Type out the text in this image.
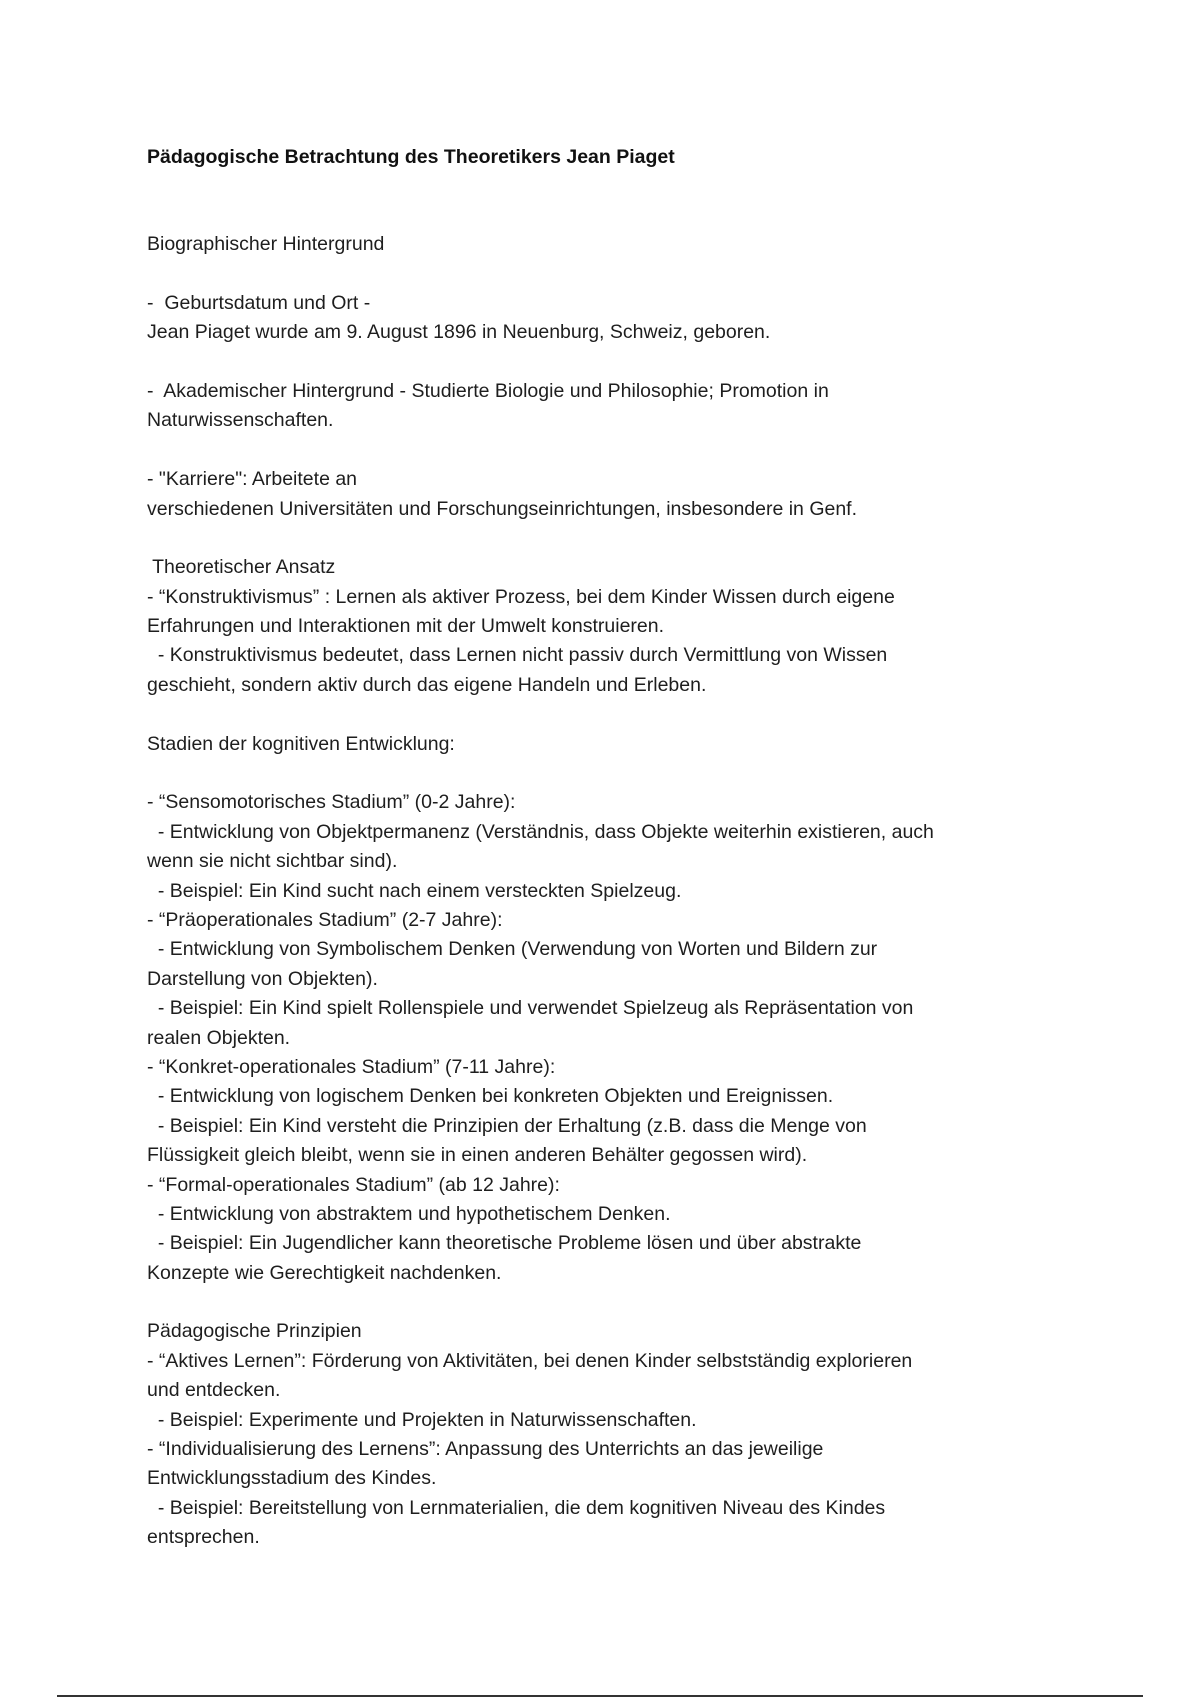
Pädagogische Betrachtung des Theoretikers Jean Piaget
Biographischer Hintergrund
-  Geburtsdatum und Ort -
Jean Piaget wurde am 9. August 1896 in Neuenburg, Schweiz, geboren.
-  Akademischer Hintergrund - Studierte Biologie und Philosophie; Promotion in
Naturwissenschaften.
- "Karriere": Arbeitete an
verschiedenen Universitäten und Forschungseinrichtungen, insbesondere in Genf.
Theoretischer Ansatz
- “Konstruktivismus” : Lernen als aktiver Prozess, bei dem Kinder Wissen durch eigene
Erfahrungen und Interaktionen mit der Umwelt konstruieren.
- Konstruktivismus bedeutet, dass Lernen nicht passiv durch Vermittlung von Wissen
geschieht, sondern aktiv durch das eigene Handeln und Erleben.
Stadien der kognitiven Entwicklung:
- “Sensomotorisches Stadium” (0-2 Jahre):
- Entwicklung von Objektpermanenz (Verständnis, dass Objekte weiterhin existieren, auch
wenn sie nicht sichtbar sind).
- Beispiel: Ein Kind sucht nach einem versteckten Spielzeug.
- “Präoperationales Stadium” (2-7 Jahre):
- Entwicklung von Symbolischem Denken (Verwendung von Worten und Bildern zur
Darstellung von Objekten).
- Beispiel: Ein Kind spielt Rollenspiele und verwendet Spielzeug als Repräsentation von
realen Objekten.
- “Konkret-operationales Stadium” (7-11 Jahre):
- Entwicklung von logischem Denken bei konkreten Objekten und Ereignissen.
- Beispiel: Ein Kind versteht die Prinzipien der Erhaltung (z.B. dass die Menge von
Flüssigkeit gleich bleibt, wenn sie in einen anderen Behälter gegossen wird).
- “Formal-operationales Stadium” (ab 12 Jahre):
- Entwicklung von abstraktem und hypothetischem Denken.
- Beispiel: Ein Jugendlicher kann theoretische Probleme lösen und über abstrakte
Konzepte wie Gerechtigkeit nachdenken.
Pädagogische Prinzipien
- “Aktives Lernen”: Förderung von Aktivitäten, bei denen Kinder selbstständig explorieren
und entdecken.
- Beispiel: Experimente und Projekten in Naturwissenschaften.
- “Individualisierung des Lernens”: Anpassung des Unterrichts an das jeweilige
Entwicklungsstadium des Kindes.
- Beispiel: Bereitstellung von Lernmaterialien, die dem kognitiven Niveau des Kindes
entsprechen.
